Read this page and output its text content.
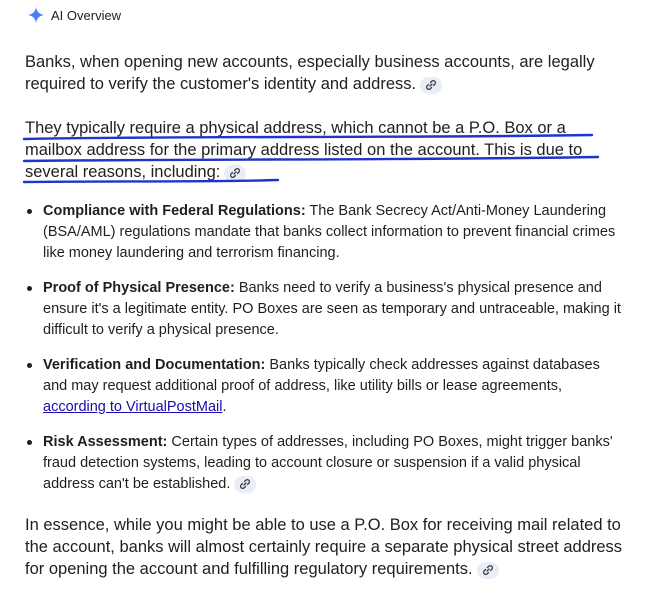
AI Overview

Banks, when opening new accounts, especially business accounts, are legally required to verify the customer's identity and address.

They typically require a physical address, which cannot be a P.O. Box or a mailbox address for the primary address listed on the account. This is due to several reasons, including:

Compliance with Federal Regulations: The Bank Secrecy Act/Anti-Money Laundering (BSA/AML) regulations mandate that banks collect information to prevent financial crimes like money laundering and terrorism financing.
Proof of Physical Presence: Banks need to verify a business's physical presence and ensure it's a legitimate entity. PO Boxes are seen as temporary and untraceable, making it difficult to verify a physical presence.
Verification and Documentation: Banks typically check addresses against databases and may request additional proof of address, like utility bills or lease agreements, according to VirtualPostMail.
Risk Assessment: Certain types of addresses, including PO Boxes, might trigger banks' fraud detection systems, leading to account closure or suspension if a valid physical address can't be established.

In essence, while you might be able to use a P.O. Box for receiving mail related to the account, banks will almost certainly require a separate physical street address for opening the account and fulfilling regulatory requirements.
